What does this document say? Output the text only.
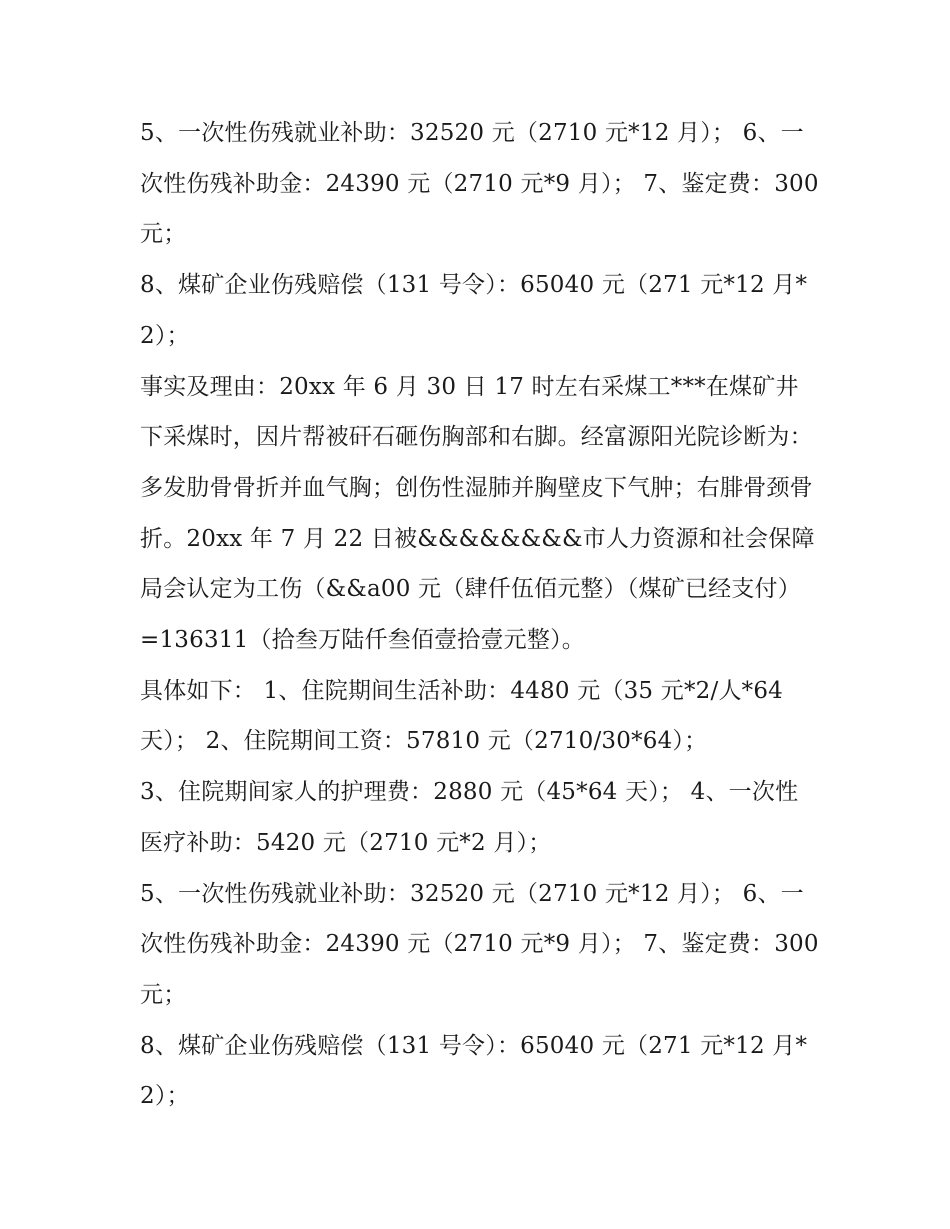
5、一次性伤残就业补助：32520 元（2710 元*12 月）； 6、一次性伤残补助金：24390 元（2710 元*9 月）； 7、鉴定费：300 元；

8、煤矿企业伤残赔偿（131 号令）：65040 元（271 元*12 月*2）；

事实及理由：20xx 年 6 月 30 日 17 时左右采煤工***在煤矿井下采煤时，因片帮被矸石砸伤胸部和右脚。经富源阳光院诊断为：多发肋骨骨折并血气胸；创伤性湿肺并胸壁皮下气肿；右腓骨颈骨折。20xx 年 7 月 22 日被&&&&&&&&市人力资源和社会保障局会认定为工伤（&&a00 元（肆仟伍佰元整）（煤矿已经支付）=136311（拾叁万陆仟叁佰壹拾壹元整）。

具体如下： 1、住院期间生活补助：4480 元（35 元*2/人*64天）； 2、住院期间工资：57810 元（2710/30*64）；

3、住院期间家人的护理费：2880 元（45*64 天）； 4、一次性医疗补助：5420 元（2710 元*2 月）；

5、一次性伤残就业补助：32520 元（2710 元*12 月）； 6、一次性伤残补助金：24390 元（2710 元*9 月）； 7、鉴定费：300 元；

8、煤矿企业伤残赔偿（131 号令）：65040 元（271 元*12 月*2）；
